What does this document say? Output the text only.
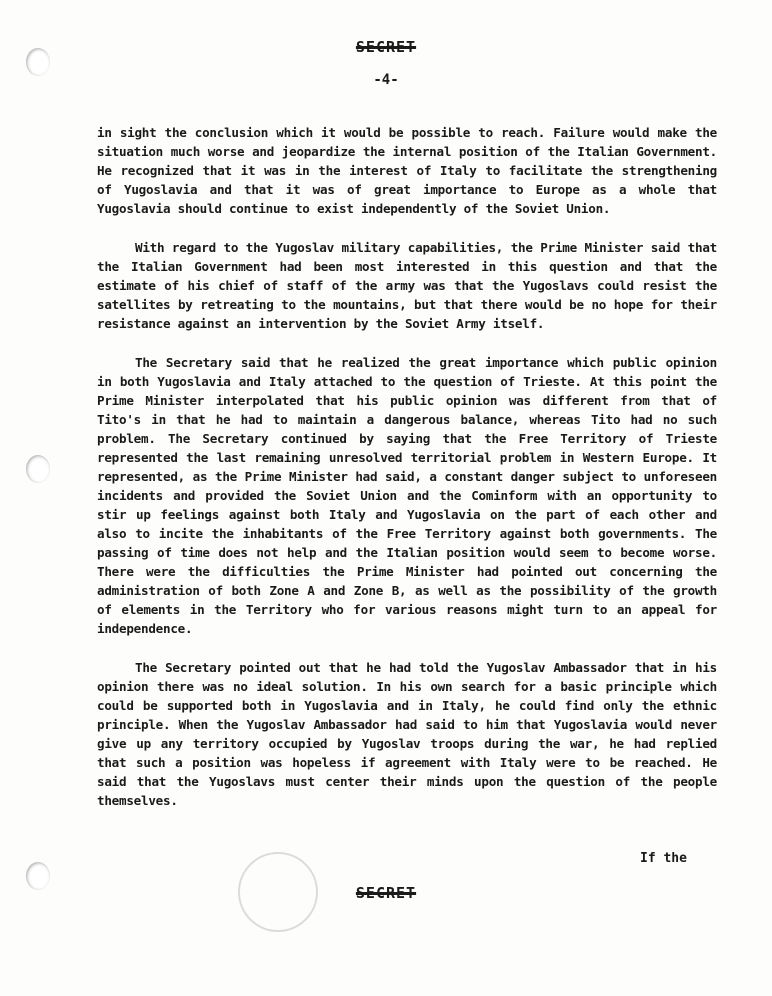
SECRET
-4-

in sight the conclusion which it would be possible to reach. Failure would make the situation much worse and jeopardize the internal position of the Italian Government. He recognized that it was in the interest of Italy to facilitate the strengthening of Yugoslavia and that it was of great importance to Europe as a whole that Yugoslavia should continue to exist independently of the Soviet Union.

With regard to the Yugoslav military capabilities, the Prime Minister said that the Italian Government had been most interested in this question and that the estimate of his chief of staff of the army was that the Yugoslavs could resist the satellites by retreating to the mountains, but that there would be no hope for their resistance against an intervention by the Soviet Army itself.

The Secretary said that he realized the great importance which public opinion in both Yugoslavia and Italy attached to the question of Trieste. At this point the Prime Minister interpolated that his public opinion was different from that of Tito's in that he had to maintain a dangerous balance, whereas Tito had no such problem. The Secretary continued by saying that the Free Territory of Trieste represented the last remaining unresolved territorial problem in Western Europe. It represented, as the Prime Minister had said, a constant danger subject to unforeseen incidents and provided the Soviet Union and the Cominform with an opportunity to stir up feelings against both Italy and Yugoslavia on the part of each other and also to incite the inhabitants of the Free Territory against both governments. The passing of time does not help and the Italian position would seem to become worse. There were the difficulties the Prime Minister had pointed out concerning the administration of both Zone A and Zone B, as well as the possibility of the growth of elements in the Territory who for various reasons might turn to an appeal for independence.

The Secretary pointed out that he had told the Yugoslav Ambassador that in his opinion there was no ideal solution. In his own search for a basic principle which could be supported both in Yugoslavia and in Italy, he could find only the ethnic principle. When the Yugoslav Ambassador had said to him that Yugoslavia would never give up any territory occupied by Yugoslav troops during the war, he had replied that such a position was hopeless if agreement with Italy were to be reached. He said that the Yugoslavs must center their minds upon the question of the people themselves.

If the
SECRET
